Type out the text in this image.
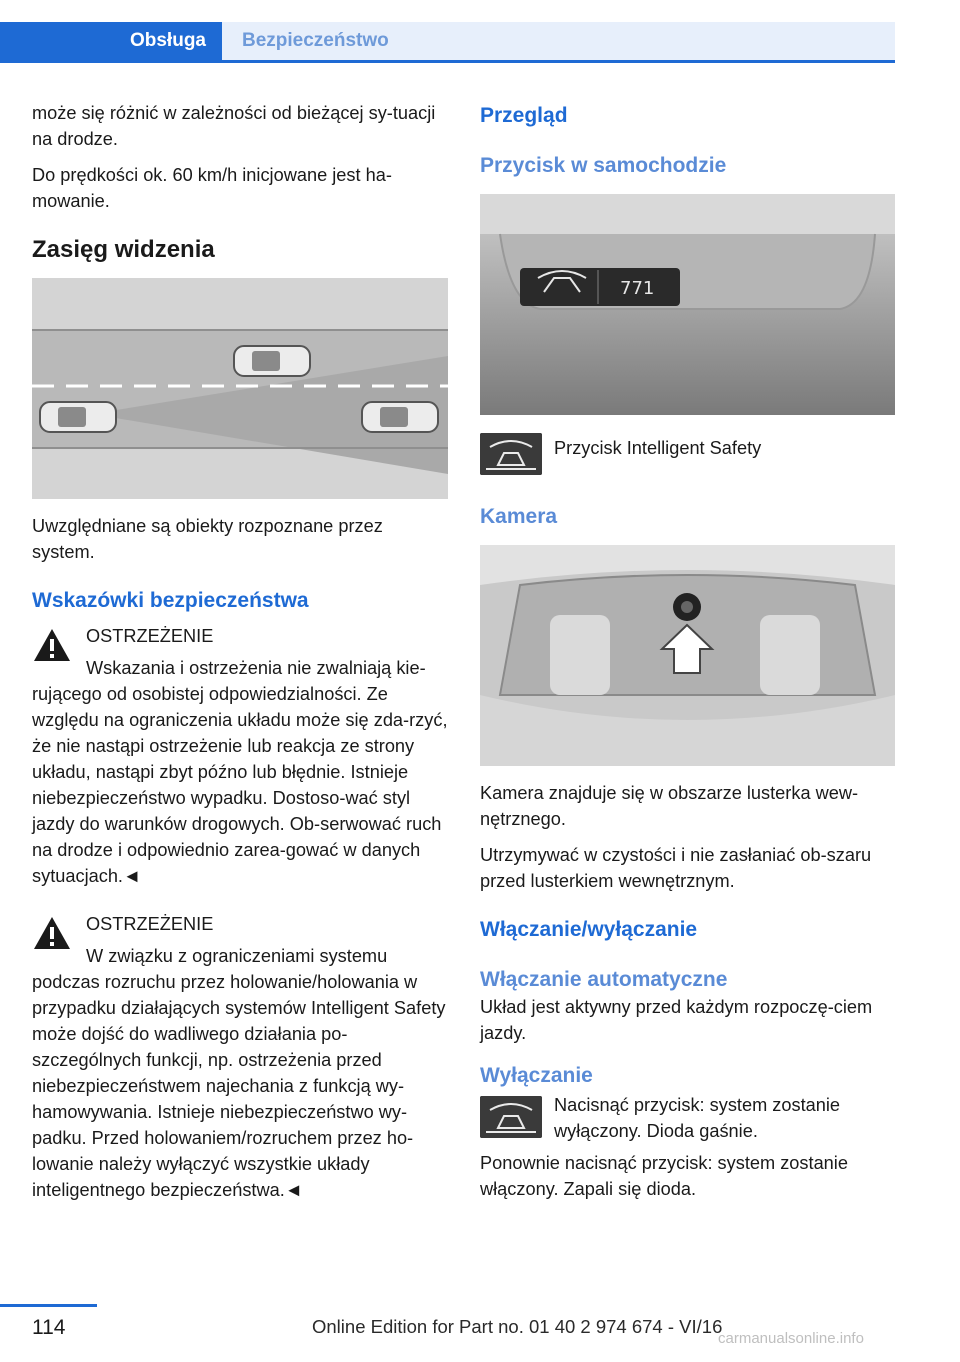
Obsługa	Bezpieczeństwo

może się różnić w zależności od bieżącej sy-tuacji na drodze.

Do prędkości ok. 60 km/h inicjowane jest ha-mowanie.

Zasięg widzenia

Uwzględniane są obiekty rozpoznane przez system.

Wskazówki bezpieczeństwa

OSTRZEŻENIE

Wskazania i ostrzeżenia nie zwalniają kie-rującego od osobistej odpowiedzialności. Ze względu na ograniczenia układu może się zda-rzyć, że nie nastąpi ostrzeżenie lub reakcja ze strony układu, nastąpi zbyt późno lub błędnie. Istnieje niebezpieczeństwo wypadku. Dostoso-wać styl jazdy do warunków drogowych. Ob-serwować ruch na drodze i odpowiednio zarea-gować w danych sytuacjach.◄

OSTRZEŻENIE

W związku z ograniczeniami systemu podczas rozruchu przez holowanie/holowania w przypadku działających systemów Intelligent Safety może dojść do wadliwego działania po-szczególnych funkcji, np. ostrzeżenia przed niebezpieczeństwem najechania z funkcją wy-hamowywania. Istnieje niebezpieczeństwo wy-padku. Przed holowaniem/rozruchem przez ho-lowanie należy wyłączyć wszystkie układy inteligentnego bezpieczeństwa.◄

Przegląd
Przycisk w samochodzie
771
Przycisk Intelligent Safety
Kamera

Kamera znajduje się w obszarze lusterka wew-nętrznego.

Utrzymywać w czystości i nie zasłaniać ob-szaru przed lusterkiem wewnętrznym.

Włączanie/wyłączanie
Włączanie automatyczne

Układ jest aktywny przed każdym rozpoczę-ciem jazdy.

Wyłączanie
Nacisnąć przycisk: system zostanie wyłączony. Dioda gaśnie.

Ponownie nacisnąć przycisk: system zostanie włączony. Zapali się dioda.

114	Online Edition for Part no. 01 40 2 974 674 - VI/16
carmanualsonline.info
